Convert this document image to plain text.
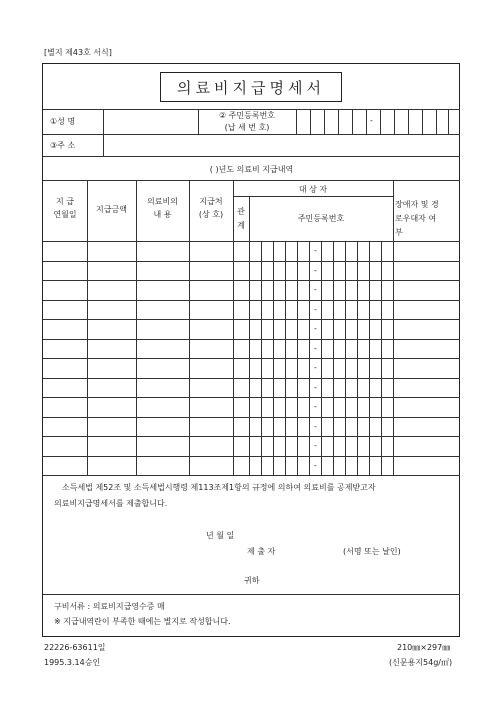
[별지 제43호 서식]
의료비지급명세서
①성 명
② 주민등록번호
(납 세 번 호)
-
③주 소
( )년도 의료비 지급내역
지 급
연월일
지급금액
의료비의
내 용
지급처
(상 호)
대 상 자
관
계
주민등록번호
장애자 및 경
로우대자 여
부
-
-
-
-
-
-
-
-
-
-
-
-
소득세법 제52조 및 소득세법시행령 제113조제1항의 규정에 의하여 의료비를 공제받고자
의료비지급명세서를 제출합니다.
년 월 일
제 출 자	(서명 또는 날인)
귀하
구비서류 : 의료비지급영수증 매
※ 지급내역란이 부족한 때에는 별지로 작성합니다.
22226-63611일
1995.3.14승인
210㎜×297㎜
(신문용지54g/㎡)
